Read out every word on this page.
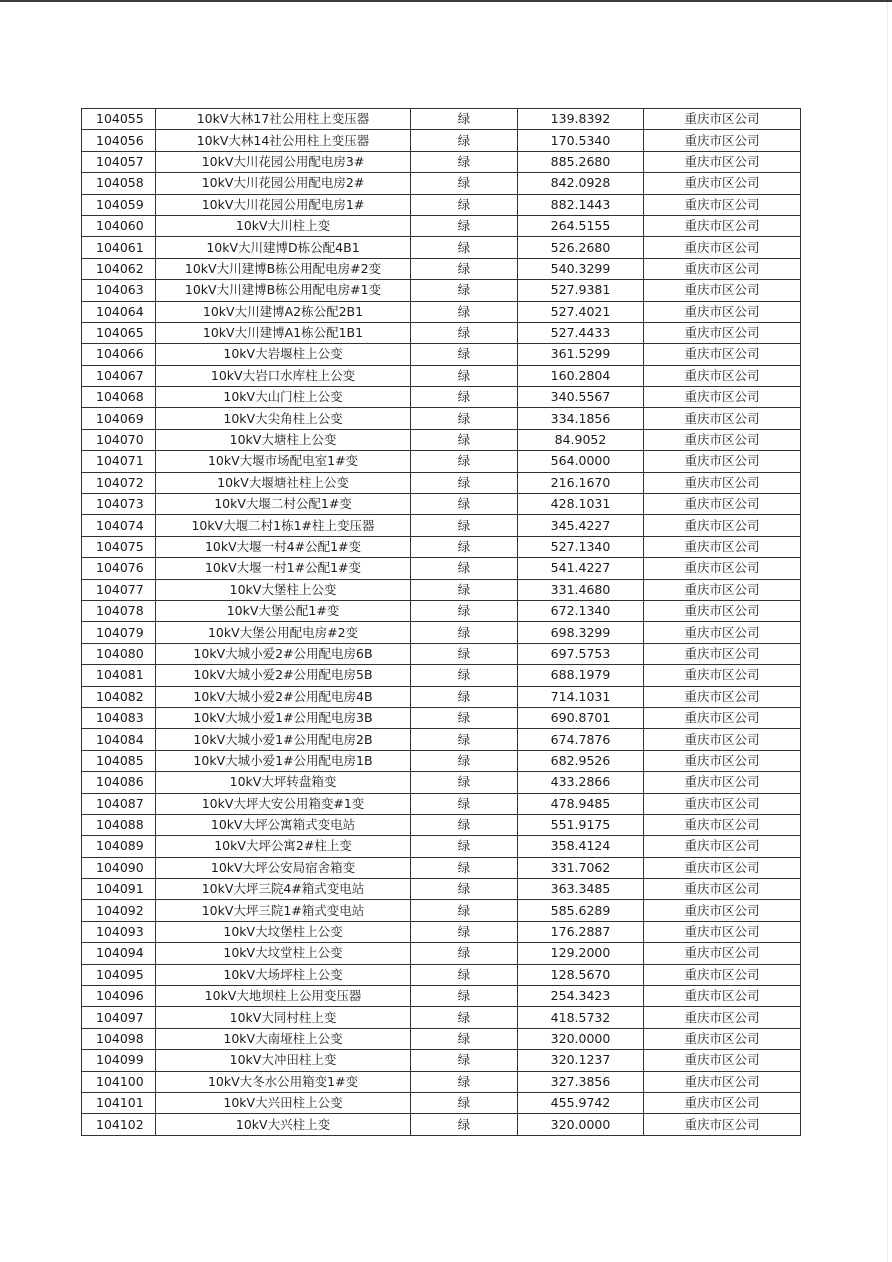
104055	10kV大林17社公用柱上变压器	绿	139.8392	重庆市区公司
104056	10kV大林14社公用柱上变压器	绿	170.5340	重庆市区公司
104057	10kV大川花园公用配电房3#	绿	885.2680	重庆市区公司
104058	10kV大川花园公用配电房2#	绿	842.0928	重庆市区公司
104059	10kV大川花园公用配电房1#	绿	882.1443	重庆市区公司
104060	10kV大川柱上变	绿	264.5155	重庆市区公司
104061	10kV大川建博D栋公配4B1	绿	526.2680	重庆市区公司
104062	10kV大川建博B栋公用配电房#2变	绿	540.3299	重庆市区公司
104063	10kV大川建博B栋公用配电房#1变	绿	527.9381	重庆市区公司
104064	10kV大川建博A2栋公配2B1	绿	527.4021	重庆市区公司
104065	10kV大川建博A1栋公配1B1	绿	527.4433	重庆市区公司
104066	10kV大岩堰柱上公变	绿	361.5299	重庆市区公司
104067	10kV大岩口水库柱上公变	绿	160.2804	重庆市区公司
104068	10kV大山门柱上公变	绿	340.5567	重庆市区公司
104069	10kV大尖角柱上公变	绿	334.1856	重庆市区公司
104070	10kV大塘柱上公变	绿	84.9052	重庆市区公司
104071	10kV大堰市场配电室1#变	绿	564.0000	重庆市区公司
104072	10kV大堰塘社柱上公变	绿	216.1670	重庆市区公司
104073	10kV大堰二村公配1#变	绿	428.1031	重庆市区公司
104074	10kV大堰二村1栋1#柱上变压器	绿	345.4227	重庆市区公司
104075	10kV大堰一村4#公配1#变	绿	527.1340	重庆市区公司
104076	10kV大堰一村1#公配1#变	绿	541.4227	重庆市区公司
104077	10kV大堡柱上公变	绿	331.4680	重庆市区公司
104078	10kV大堡公配1#变	绿	672.1340	重庆市区公司
104079	10kV大堡公用配电房#2变	绿	698.3299	重庆市区公司
104080	10kV大城小爱2#公用配电房6B	绿	697.5753	重庆市区公司
104081	10kV大城小爱2#公用配电房5B	绿	688.1979	重庆市区公司
104082	10kV大城小爱2#公用配电房4B	绿	714.1031	重庆市区公司
104083	10kV大城小爱1#公用配电房3B	绿	690.8701	重庆市区公司
104084	10kV大城小爱1#公用配电房2B	绿	674.7876	重庆市区公司
104085	10kV大城小爱1#公用配电房1B	绿	682.9526	重庆市区公司
104086	10kV大坪转盘箱变	绿	433.2866	重庆市区公司
104087	10kV大坪大安公用箱变#1变	绿	478.9485	重庆市区公司
104088	10kV大坪公寓箱式变电站	绿	551.9175	重庆市区公司
104089	10kV大坪公寓2#柱上变	绿	358.4124	重庆市区公司
104090	10kV大坪公安局宿舍箱变	绿	331.7062	重庆市区公司
104091	10kV大坪三院4#箱式变电站	绿	363.3485	重庆市区公司
104092	10kV大坪三院1#箱式变电站	绿	585.6289	重庆市区公司
104093	10kV大坟堡柱上公变	绿	176.2887	重庆市区公司
104094	10kV大坟堂柱上公变	绿	129.2000	重庆市区公司
104095	10kV大场坪柱上公变	绿	128.5670	重庆市区公司
104096	10kV大地坝柱上公用变压器	绿	254.3423	重庆市区公司
104097	10kV大同村柱上变	绿	418.5732	重庆市区公司
104098	10kV大南垭柱上公变	绿	320.0000	重庆市区公司
104099	10kV大冲田柱上变	绿	320.1237	重庆市区公司
104100	10kV大冬水公用箱变1#变	绿	327.3856	重庆市区公司
104101	10kV大兴田柱上公变	绿	455.9742	重庆市区公司
104102	10kV大兴柱上变	绿	320.0000	重庆市区公司
